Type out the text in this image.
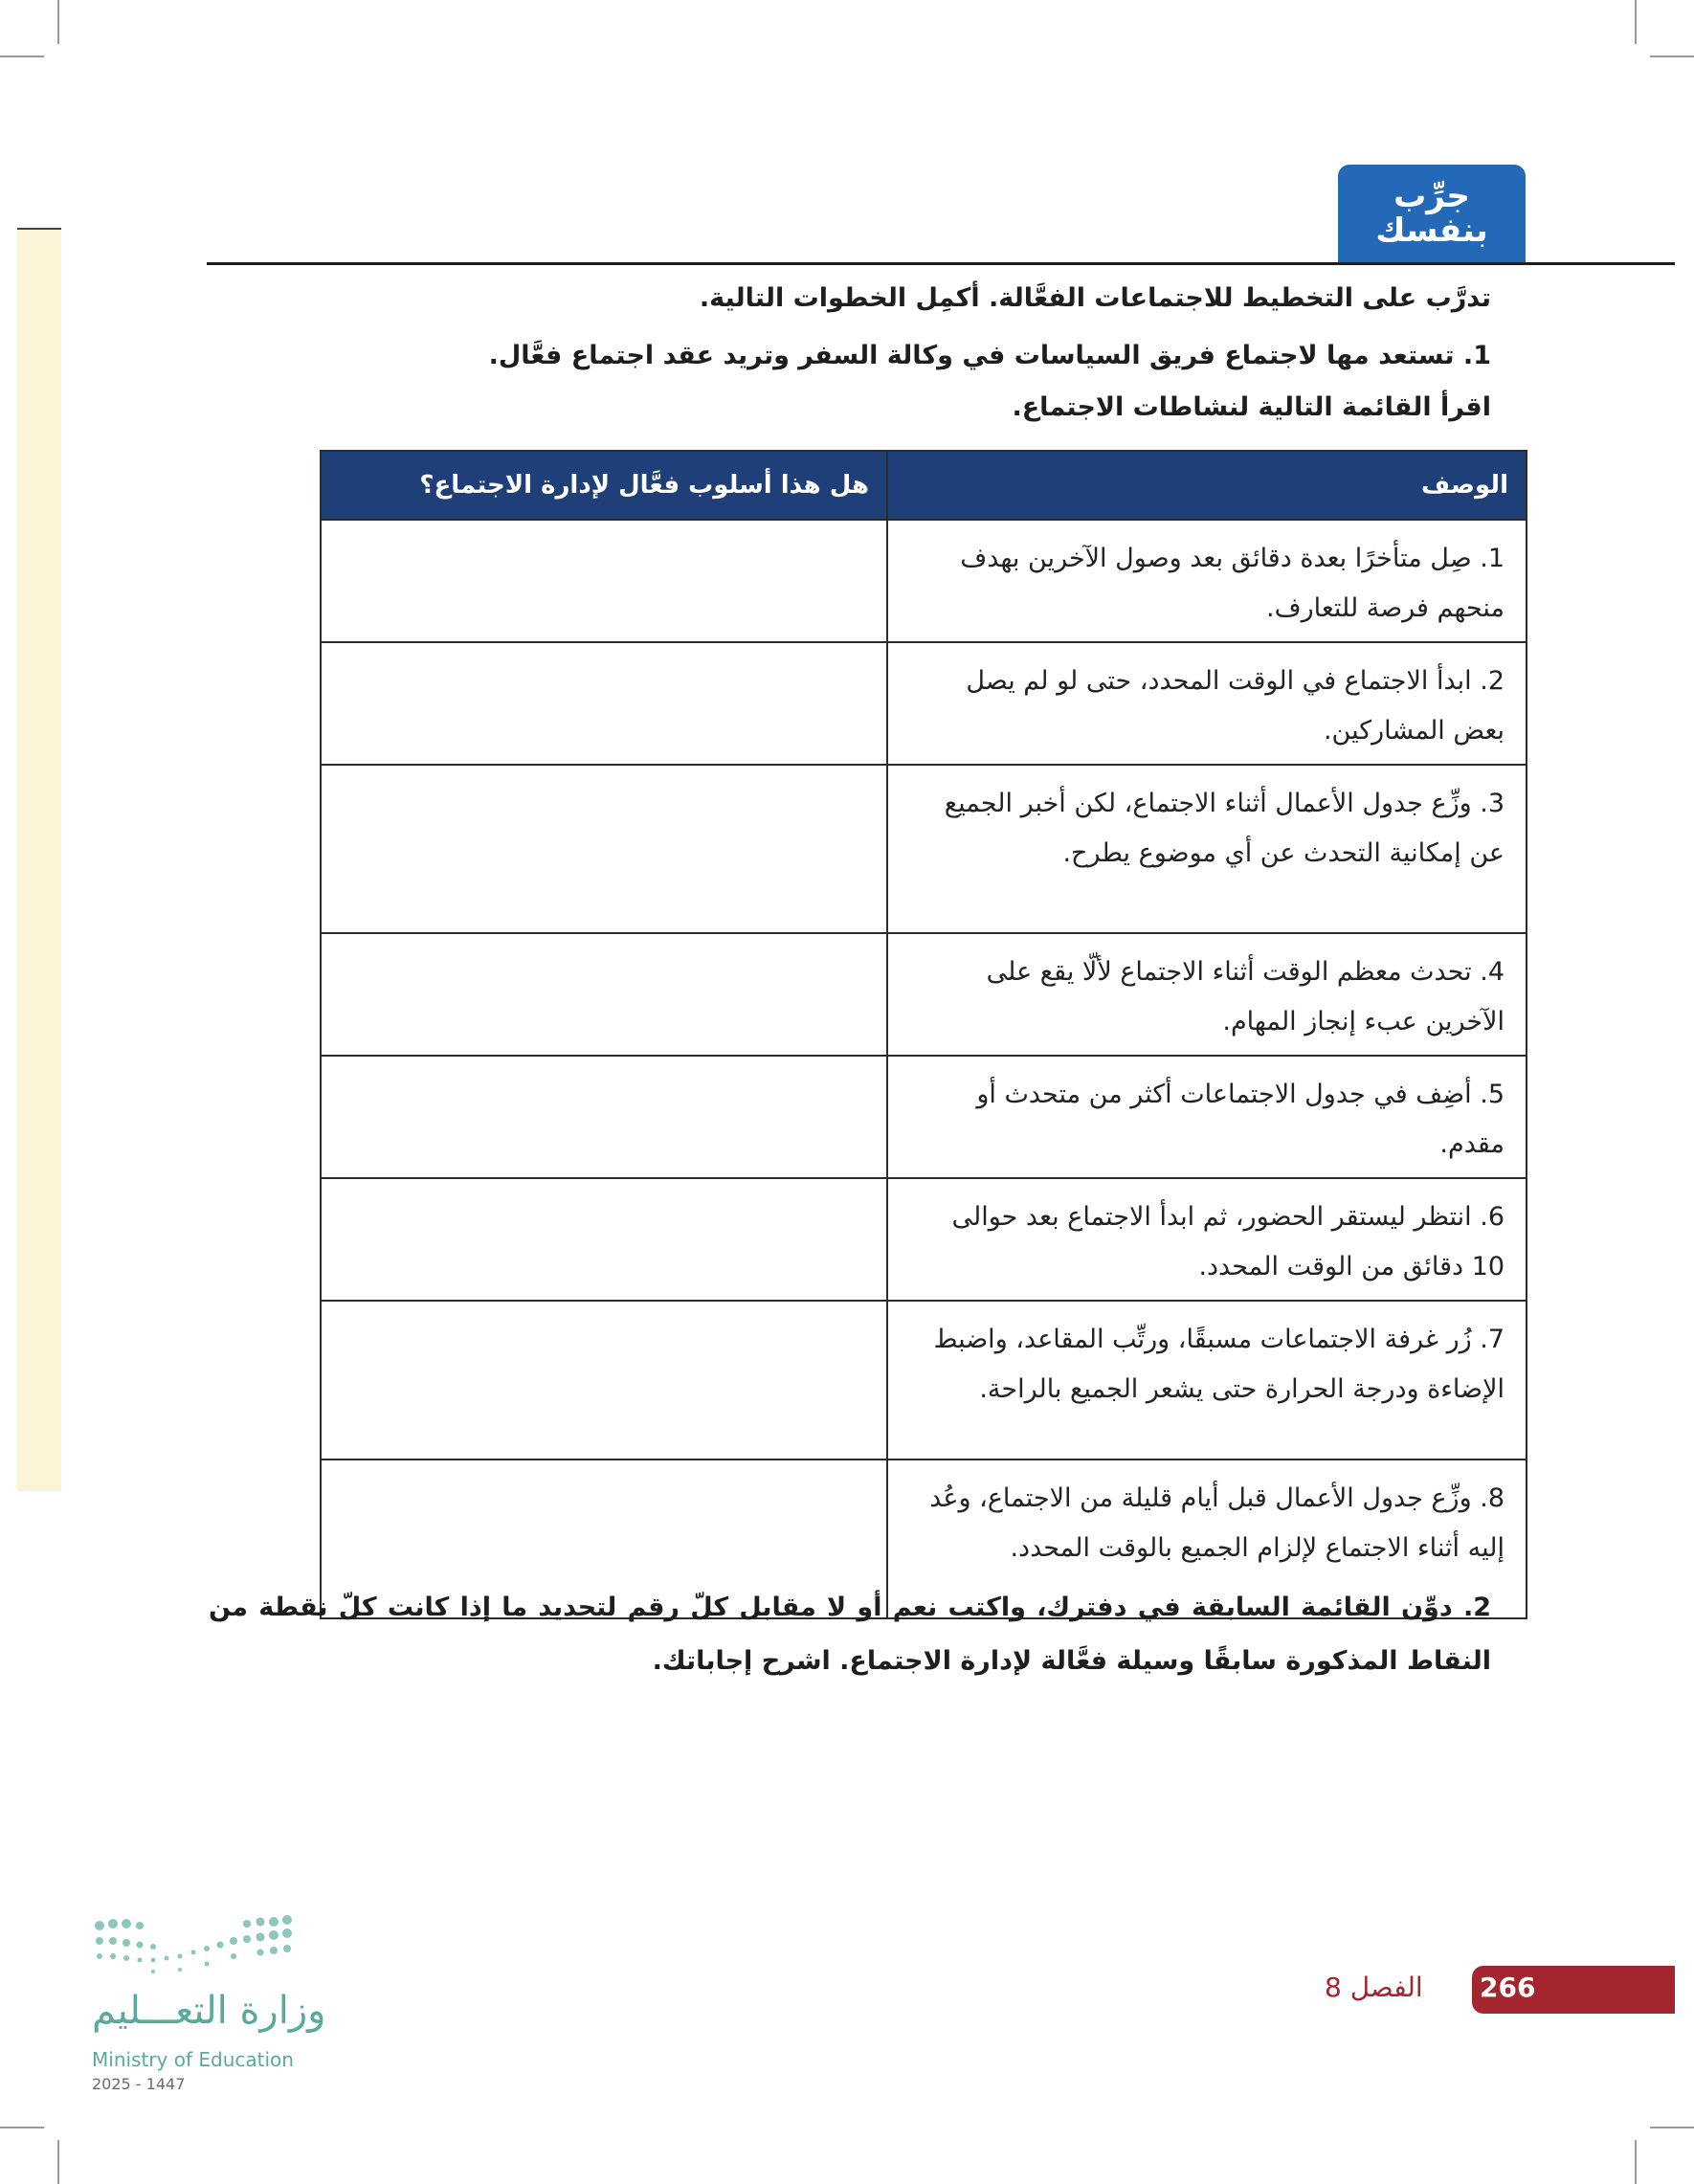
جرِّب
بنفسك
تدرَّب على التخطيط للاجتماعات الفعَّالة. أكمِل الخطوات التالية.
1. تستعد مها لاجتماع فريق السياسات في وكالة السفر وتريد عقد اجتماع فعَّال.
اقرأ القائمة التالية لنشاطات الاجتماع.
الوصف	هل هذا أسلوب فعَّال لإدارة الاجتماع؟
1. صِل متأخرًا بعدة دقائق بعد وصول الآخرين بهدف منحهم فرصة للتعارف.	
2. ابدأ الاجتماع في الوقت المحدد، حتى لو لم يصل بعض المشاركين.	
3. وزِّع جدول الأعمال أثناء الاجتماع، لكن أخبر الجميع عن إمكانية التحدث عن أي موضوع يطرح.	
4. تحدث معظم الوقت أثناء الاجتماع لألّا يقع على الآخرين عبء إنجاز المهام.	
5. أضِف في جدول الاجتماعات أكثر من متحدث أو مقدم.	
6. انتظر ليستقر الحضور، ثم ابدأ الاجتماع بعد حوالى 10 دقائق من الوقت المحدد.	
7. زُر غرفة الاجتماعات مسبقًا، ورتِّب المقاعد، واضبط الإضاءة ودرجة الحرارة حتى يشعر الجميع بالراحة.	
8. وزِّع جدول الأعمال قبل أيام قليلة من الاجتماع، وعُد إليه أثناء الاجتماع لإلزام الجميع بالوقت المحدد.	
2. دوِّن القائمة السابقة في دفترك، واكتب نعم أو لا مقابل كلّ رقم لتحديد ما إذا كانت كلّ نقطة من النقاط المذكورة سابقًا وسيلة فعَّالة لإدارة الاجتماع. اشرح إجاباتك.
وزارة التعـــليم
Ministry of Education
2025 - 1447
266
الفصل 8
